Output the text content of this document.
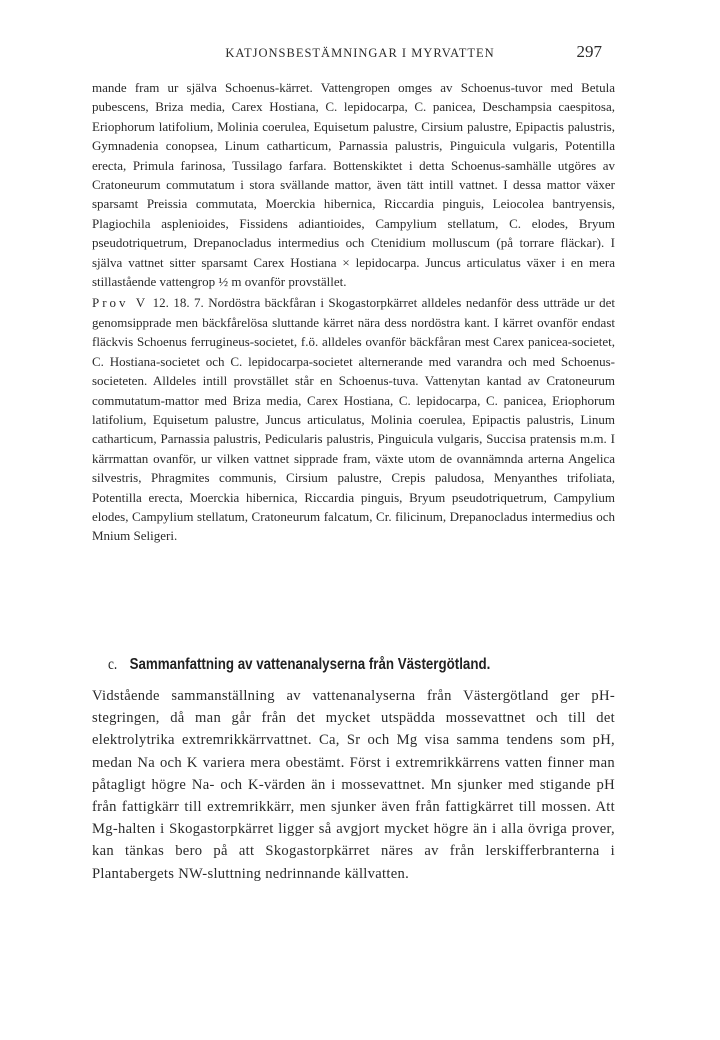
KATJONSBESTÄMNINGAR I MYRVATTEN	297

mande fram ur själva Schoenus-kärret. Vattengropen omges av Schoenus-tuvor med Betula pubescens, Briza media, Carex Hostiana, C. lepidocarpa, C. panicea, Deschampsia caespitosa, Eriophorum latifolium, Molinia coerulea, Equisetum palustre, Cirsium palustre, Epipactis palustris, Gymnadenia conopsea, Linum catharticum, Parnassia palustris, Pinguicula vulgaris, Potentilla erecta, Primula farinosa, Tussilago farfara. Bottenskiktet i detta Schoenus-samhälle utgöres av Cratoneurum commutatum i stora svällande mattor, även tätt intill vattnet. I dessa mattor växer sparsamt Preissia commutata, Moerckia hibernica, Riccardia pinguis, Leiocolea bantryensis, Plagiochila asplenioides, Fissidens adiantioides, Campylium stellatum, C. elodes, Bryum pseudotriquetrum, Drepanocladus intermedius och Ctenidium molluscum (på torrare fläckar). I själva vattnet sitter sparsamt Carex Hostiana × lepidocarpa. Juncus articulatus växer i en mera stillastående vattengrop ½ m ovanför provstället.

Prov V 12. 18. 7. Nordöstra bäckfåran i Skogastorpkärret alldeles nedanför dess utträde ur det genomsipprade men bäckfårelösa sluttande kärret nära dess nordöstra kant. I kärret ovanför endast fläckvis Schoenus ferrugineus-societet, f.ö. alldeles ovanför bäckfåran mest Carex panicea-societet, C. Hostiana-societet och C. lepidocarpa-societet alternerande med varandra och med Schoenus-societeten. Alldeles intill provstället står en Schoenus-tuva. Vattenytan kantad av Cratoneurum commutatum-mattor med Briza media, Carex Hostiana, C. lepidocarpa, C. panicea, Eriophorum latifolium, Equisetum palustre, Juncus articulatus, Molinia coerulea, Epipactis palustris, Linum catharticum, Parnassia palustris, Pedicularis palustris, Pinguicula vulgaris, Succisa pratensis m.m. I kärrmattan ovanför, ur vilken vattnet sipprade fram, växte utom de ovannämnda arterna Angelica silvestris, Phragmites communis, Cirsium palustre, Crepis paludosa, Menyanthes trifoliata, Potentilla erecta, Moerckia hibernica, Riccardia pinguis, Bryum pseudotriquetrum, Campylium elodes, Campylium stellatum, Cratoneurum falcatum, Cr. filicinum, Drepanocladus intermedius och Mnium Seligeri.

c. Sammanfattning av vattenanalyserna från Västergötland.

Vidstående sammanställning av vattenanalyserna från Västergötland ger pH-stegringen, då man går från det mycket utspädda mossevattnet och till det elektrolytrika extremrikkärrvattnet. Ca, Sr och Mg visa samma tendens som pH, medan Na och K variera mera obestämt. Först i extremrikkärrens vatten finner man påtagligt högre Na- och K-värden än i mossevattnet. Mn sjunker med stigande pH från fattigkärr till extremrikkärr, men sjunker även från fattigkärret till mossen. Att Mg-halten i Skogastorpkärret ligger så avgjort mycket högre än i alla övriga prover, kan tänkas bero på att Skogastorpkärret näres av från lerskifferbranterna i Plantabergets NW-sluttning nedrinnande källvatten.
